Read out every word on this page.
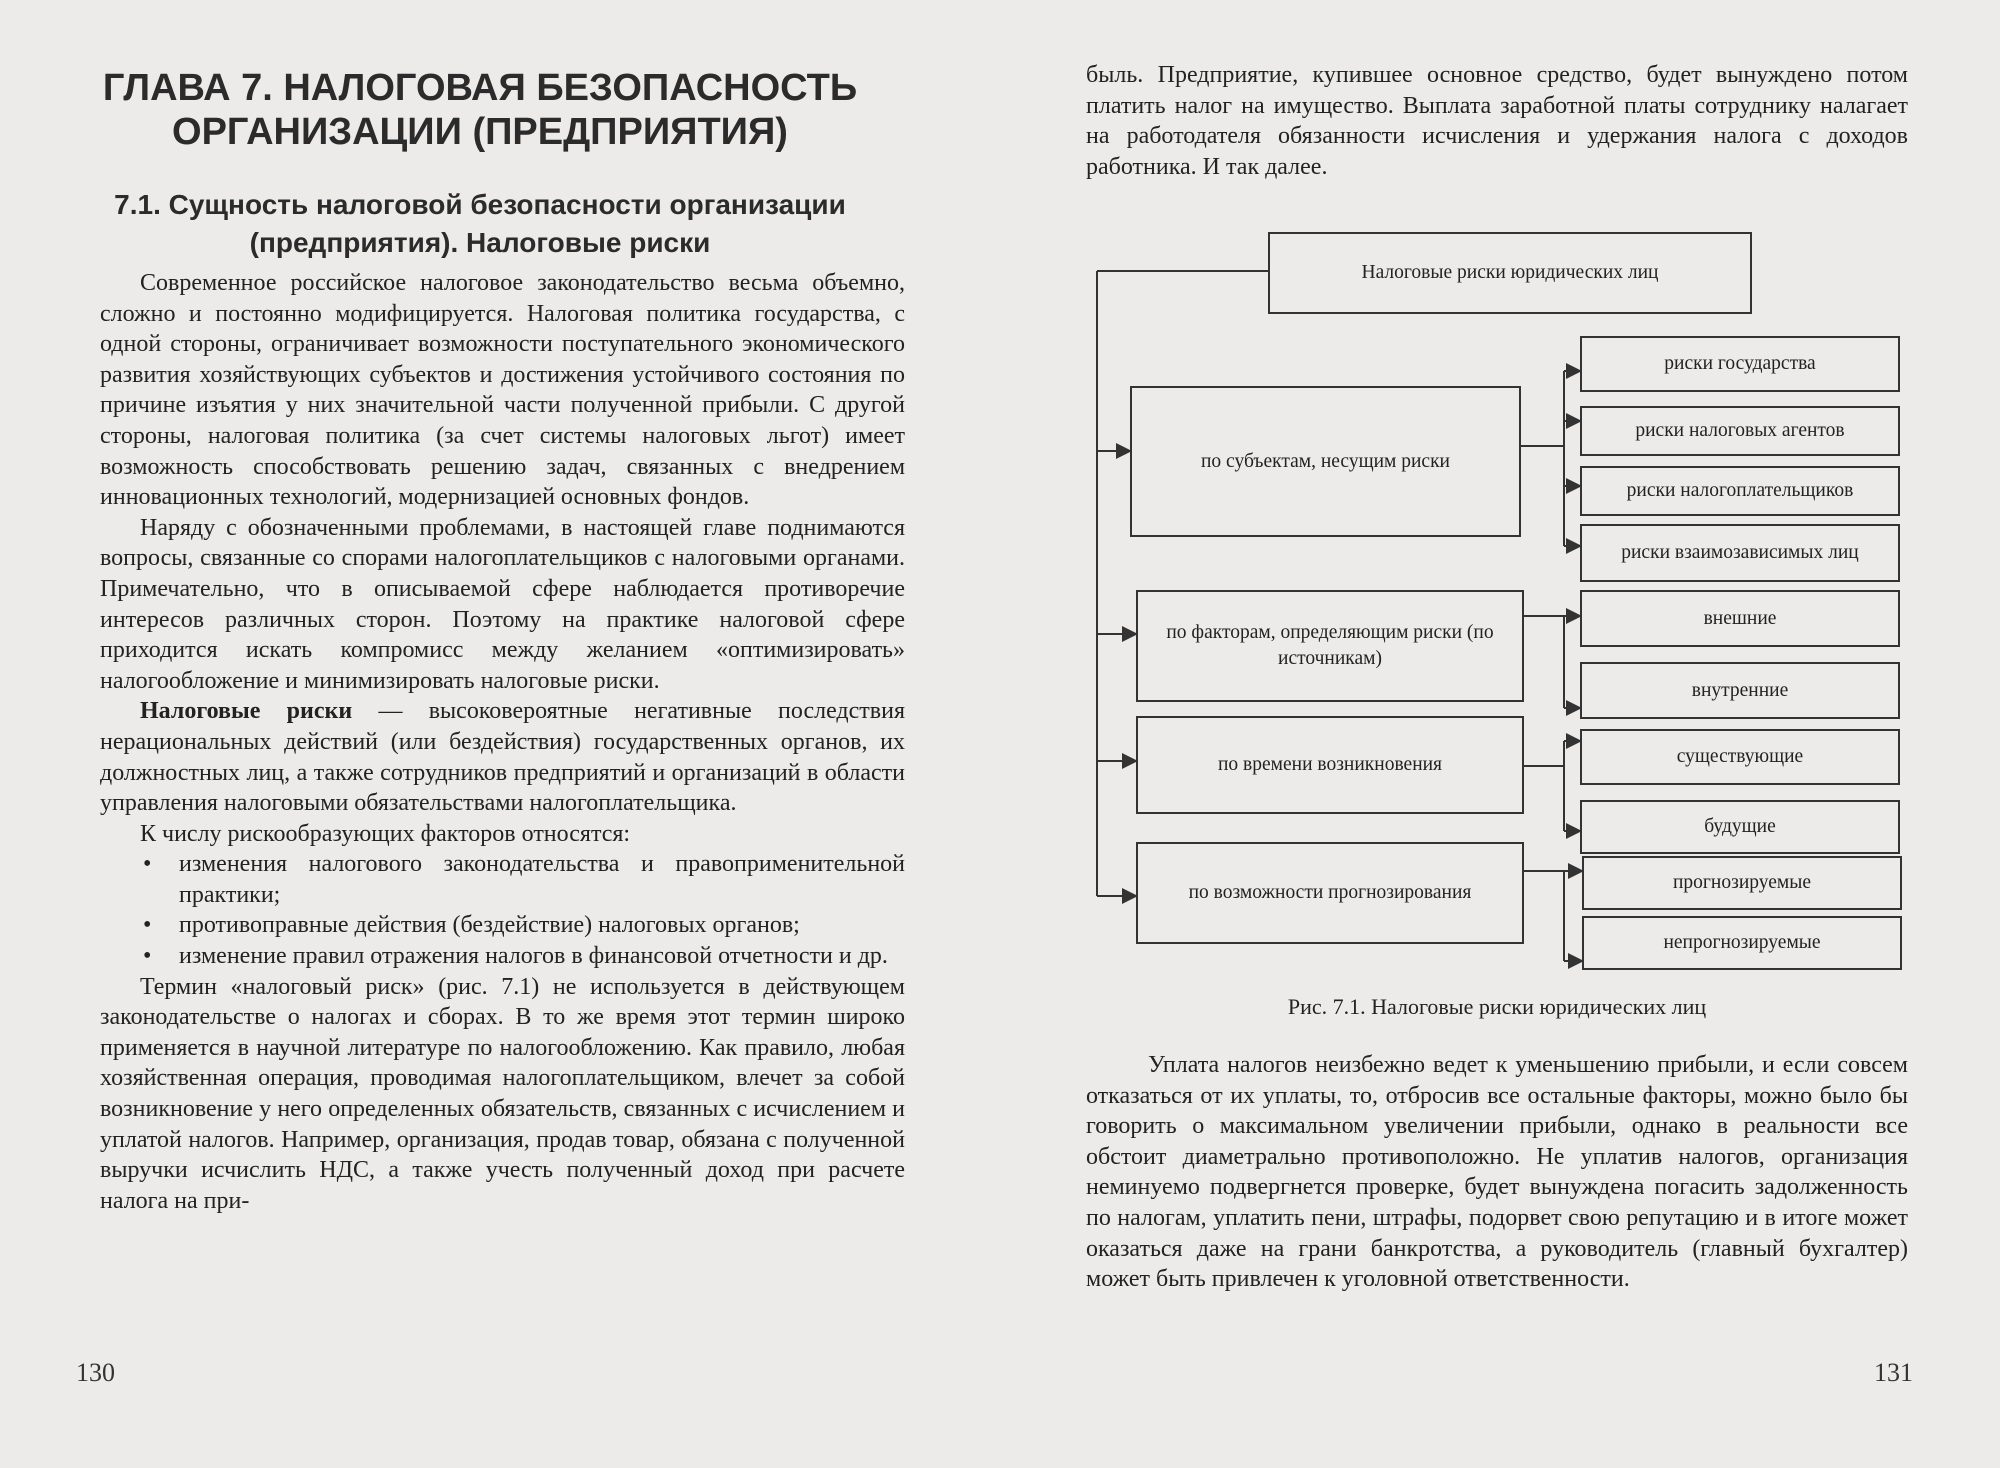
ГЛАВА 7. НАЛОГОВАЯ БЕЗОПАСНОСТЬ ОРГАНИЗАЦИИ (ПРЕДПРИЯТИЯ)
7.1. Сущность налоговой безопасности организации (предприятия). Налоговые риски

Современное российское налоговое законодательство весьма объемно, сложно и постоянно модифицируется. Налоговая политика государства, с одной стороны, ограничивает возможности поступательного экономического развития хозяйствующих субъектов и достижения устойчивого состояния по причине изъятия у них значительной части полученной прибыли. С другой стороны, налоговая политика (за счет системы налоговых льгот) имеет возможность способствовать решению задач, связанных с внедрением инновационных технологий, модернизацией основных фондов.

Наряду с обозначенными проблемами, в настоящей главе поднимаются вопросы, связанные со спорами налогоплательщиков с налоговыми органами. Примечательно, что в описываемой сфере наблюдается противоречие интересов различных сторон. Поэтому на практике налоговой сфере приходится искать компромисс между желанием «оптимизировать» налогообложение и минимизировать налоговые риски.

Налоговые риски — высоковероятные негативные последствия нерациональных действий (или бездействия) государственных органов, их должностных лиц, а также сотрудников предприятий и организаций в области управления налоговыми обязательствами налогоплательщика.

К числу рискообразующих факторов относятся:

• изменения налогового законодательства и правоприменительной практики;
• противоправные действия (бездействие) налоговых органов;
• изменение правил отражения налогов в финансовой отчетности и др.

Термин «налоговый риск» (рис. 7.1) не используется в действующем законодательстве о налогах и сборах. В то же время этот термин широко применяется в научной литературе по налогообложению. Как правило, любая хозяйственная операция, проводимая налогоплательщиком, влечет за собой возникновение у него определенных обязательств, связанных с исчислением и уплатой налогов. Например, организация, продав товар, обязана с полученной выручки исчислить НДС, а также учесть полученный доход при расчете налога на при-

130

быль. Предприятие, купившее основное средство, будет вынуждено потом платить налог на имущество. Выплата заработной платы сотруднику налагает на работодателя обязанности исчисления и удержания налога с доходов работника. И так далее.

Налоговые риски юридических лиц
по субъектам, несущим риски
риски государства
риски налоговых агентов
риски налогоплательщиков
риски взаимозависимых лиц
по факторам, определяющим риски (по источникам)
внешние
внутренние
по времени возникновения	существующие
будущие
по возможности прогнозирования	прогнозируемые
непрогнозируемые

Рис. 7.1. Налоговые риски юридических лиц

Уплата налогов неизбежно ведет к уменьшению прибыли, и если совсем отказаться от их уплаты, то, отбросив все остальные факторы, можно было бы говорить о максимальном увеличении прибыли, однако в реальности все обстоит диаметрально противоположно. Не уплатив налогов, организация неминуемо подвергнется проверке, будет вынуждена погасить задолженность по налогам, уплатить пени, штрафы, подорвет свою репутацию и в итоге может оказаться даже на грани банкротства, а руководитель (главный бухгалтер) может быть привлечен к уголовной ответственности.

131
